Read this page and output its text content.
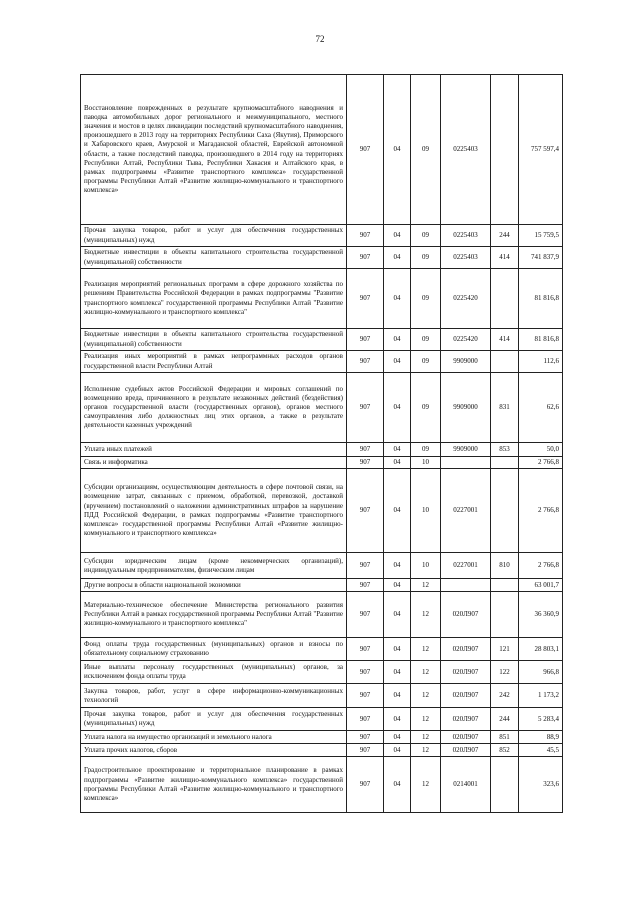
72
Восстановление поврежденных в результате крупномасштабного наводнения и паводка автомобильных дорог регионального и межмуниципального, местного значения и мостов в целях ликвидации последствий крупномасштабного наводнения, произошедшего в 2013 году на территориях Республики Саха (Якутия), Приморского и Хабаровского краев, Амурской и Магаданской областей, Еврейской автономной области, а также последствий паводка, произошедшего в 2014 году на территориях Республики Алтай, Республики Тыва, Республики Хакасия и Алтайского края, в рамках подпрограммы «Развитие транспортного комплекса» государственной программы Республики Алтай «Развитие жилищно-коммунального и транспортного комплекса»	907	04	09	0225403		757 597,4
Прочая закупка товаров, работ и услуг для обеспечения государственных (муниципальных) нужд	907	04	09	0225403	244	15 759,5
Бюджетные инвестиции в объекты капитального строительства государственной (муниципальной) собственности	907	04	09	0225403	414	741 837,9
Реализация мероприятий региональных программ в сфере дорожного хозяйства по решениям Правительства Российской Федерации в рамках подпрограммы "Развитие транспортного комплекса" государственной программы Республики Алтай "Развитие жилищно-коммунального и транспортного комплекса"	907	04	09	0225420		81 816,8
Бюджетные инвестиции в объекты капитального строительства государственной (муниципальной) собственности	907	04	09	0225420	414	81 816,8
Реализация иных мероприятий в рамках непрограммных расходов органов государственной власти Республики Алтай	907	04	09	9909000		112,6
Исполнение судебных актов Российской Федерации и мировых соглашений по возмещению вреда, причиненного в результате незаконных действий (бездействия) органов государственной власти (государственных органов), органов местного самоуправления либо должностных лиц этих органов, а также в результате деятельности казенных учреждений	907	04	09	9909000	831	62,6
Уплата иных платежей	907	04	09	9909000	853	50,0
Связь и информатика	907	04	10			2 766,8
Субсидии организациям, осуществляющим деятельность в сфере почтовой связи, на возмещение затрат, связанных с приемом, обработкой, перевозкой, доставкой (вручением) постановлений о наложении административных штрафов за нарушение ПДД Российской Федерации, в рамках подпрограммы «Развитие транспортного комплекса» государственной программы Республики Алтай «Развитие жилищно-коммунального и транспортного комплекса»	907	04	10	0227001		2 766,8
Субсидии юридическим лицам (кроме некоммерческих организаций), индивидуальным предпринимателям, физическим лицам	907	04	10	0227001	810	2 766,8
Другие вопросы в области национальной экономики	907	04	12			63 001,7
Материально-техническое обеспечение Министерства регионального развития Республики Алтай в рамках государственной программы Республики Алтай "Развитие жилищно-коммунального и транспортного комплекса"	907	04	12	020Л907		36 360,9
Фонд оплаты труда государственных (муниципальных) органов и взносы по обязательному социальному страхованию	907	04	12	020Л907	121	28 803,1
Иные выплаты персоналу государственных (муниципальных) органов, за исключением фонда оплаты труда	907	04	12	020Л907	122	966,8
Закупка товаров, работ, услуг в сфере информационно-коммуникационных технологий	907	04	12	020Л907	242	1 173,2
Прочая закупка товаров, работ и услуг для обеспечения государственных (муниципальных) нужд	907	04	12	020Л907	244	5 283,4
Уплата налога на имущество организаций и земельного налога	907	04	12	020Л907	851	88,9
Уплата прочих налогов, сборов	907	04	12	020Л907	852	45,5
Градостроительное проектирование и территориальное планирование в рамках подпрограммы «Развитие жилищно-коммунального комплекса» государственной программы Республики Алтай «Развитие жилищно-коммунального и транспортного комплекса»	907	04	12	0214001		323,6
